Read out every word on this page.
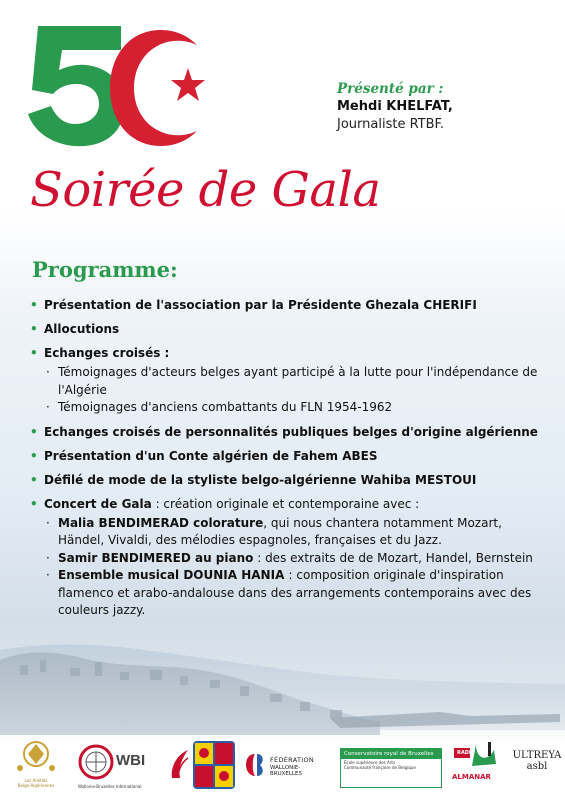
Présenté par :
Mehdi KHELFAT,
Journaliste RTBF.
Soirée de Gala
Programme:
• Présentation de l'association par la Présidente Ghezala CHERIFI
• Allocutions
• Echanges croisés :
· Témoignages d'acteurs belges ayant participé à la lutte pour l'indépendance de l'Algérie
· Témoignages d'anciens combattants du FLN 1954-1962
• Echanges croisés de personnalités publiques belges d'origine algérienne
• Présentation d'un Conte algérien de Fahem ABES
• Défilé de mode de la styliste belgo-algérienne Wahiba MESTOUI
• Concert de Gala : création originale et contemporaine avec :
· Malia BENDIMERAD colorature, qui nous chantera notamment Mozart, Händel, Vivaldi, des mélodies espagnoles, françaises et du Jazz.
· Samir BENDIMERED au piano : des extraits de de Mozart, Handel, Bernstein
· Ensemble musical DOUNIA HANIA : composition originale d'inspiration flamenco et arabo-andalouse dans des arrangements contemporains avec des couleurs jazzy.
Les Amitiés
Belgo-Algériennes
WBI
Wallonie-Bruxelles International
FÉDÉRATION
WALLONIE-BRUXELLES
Conservatoire royal de Bruxelles
École supérieure des Arts
Communauté française de Belgique
RADIO
ALMANAR
ULTREYA
asbl
